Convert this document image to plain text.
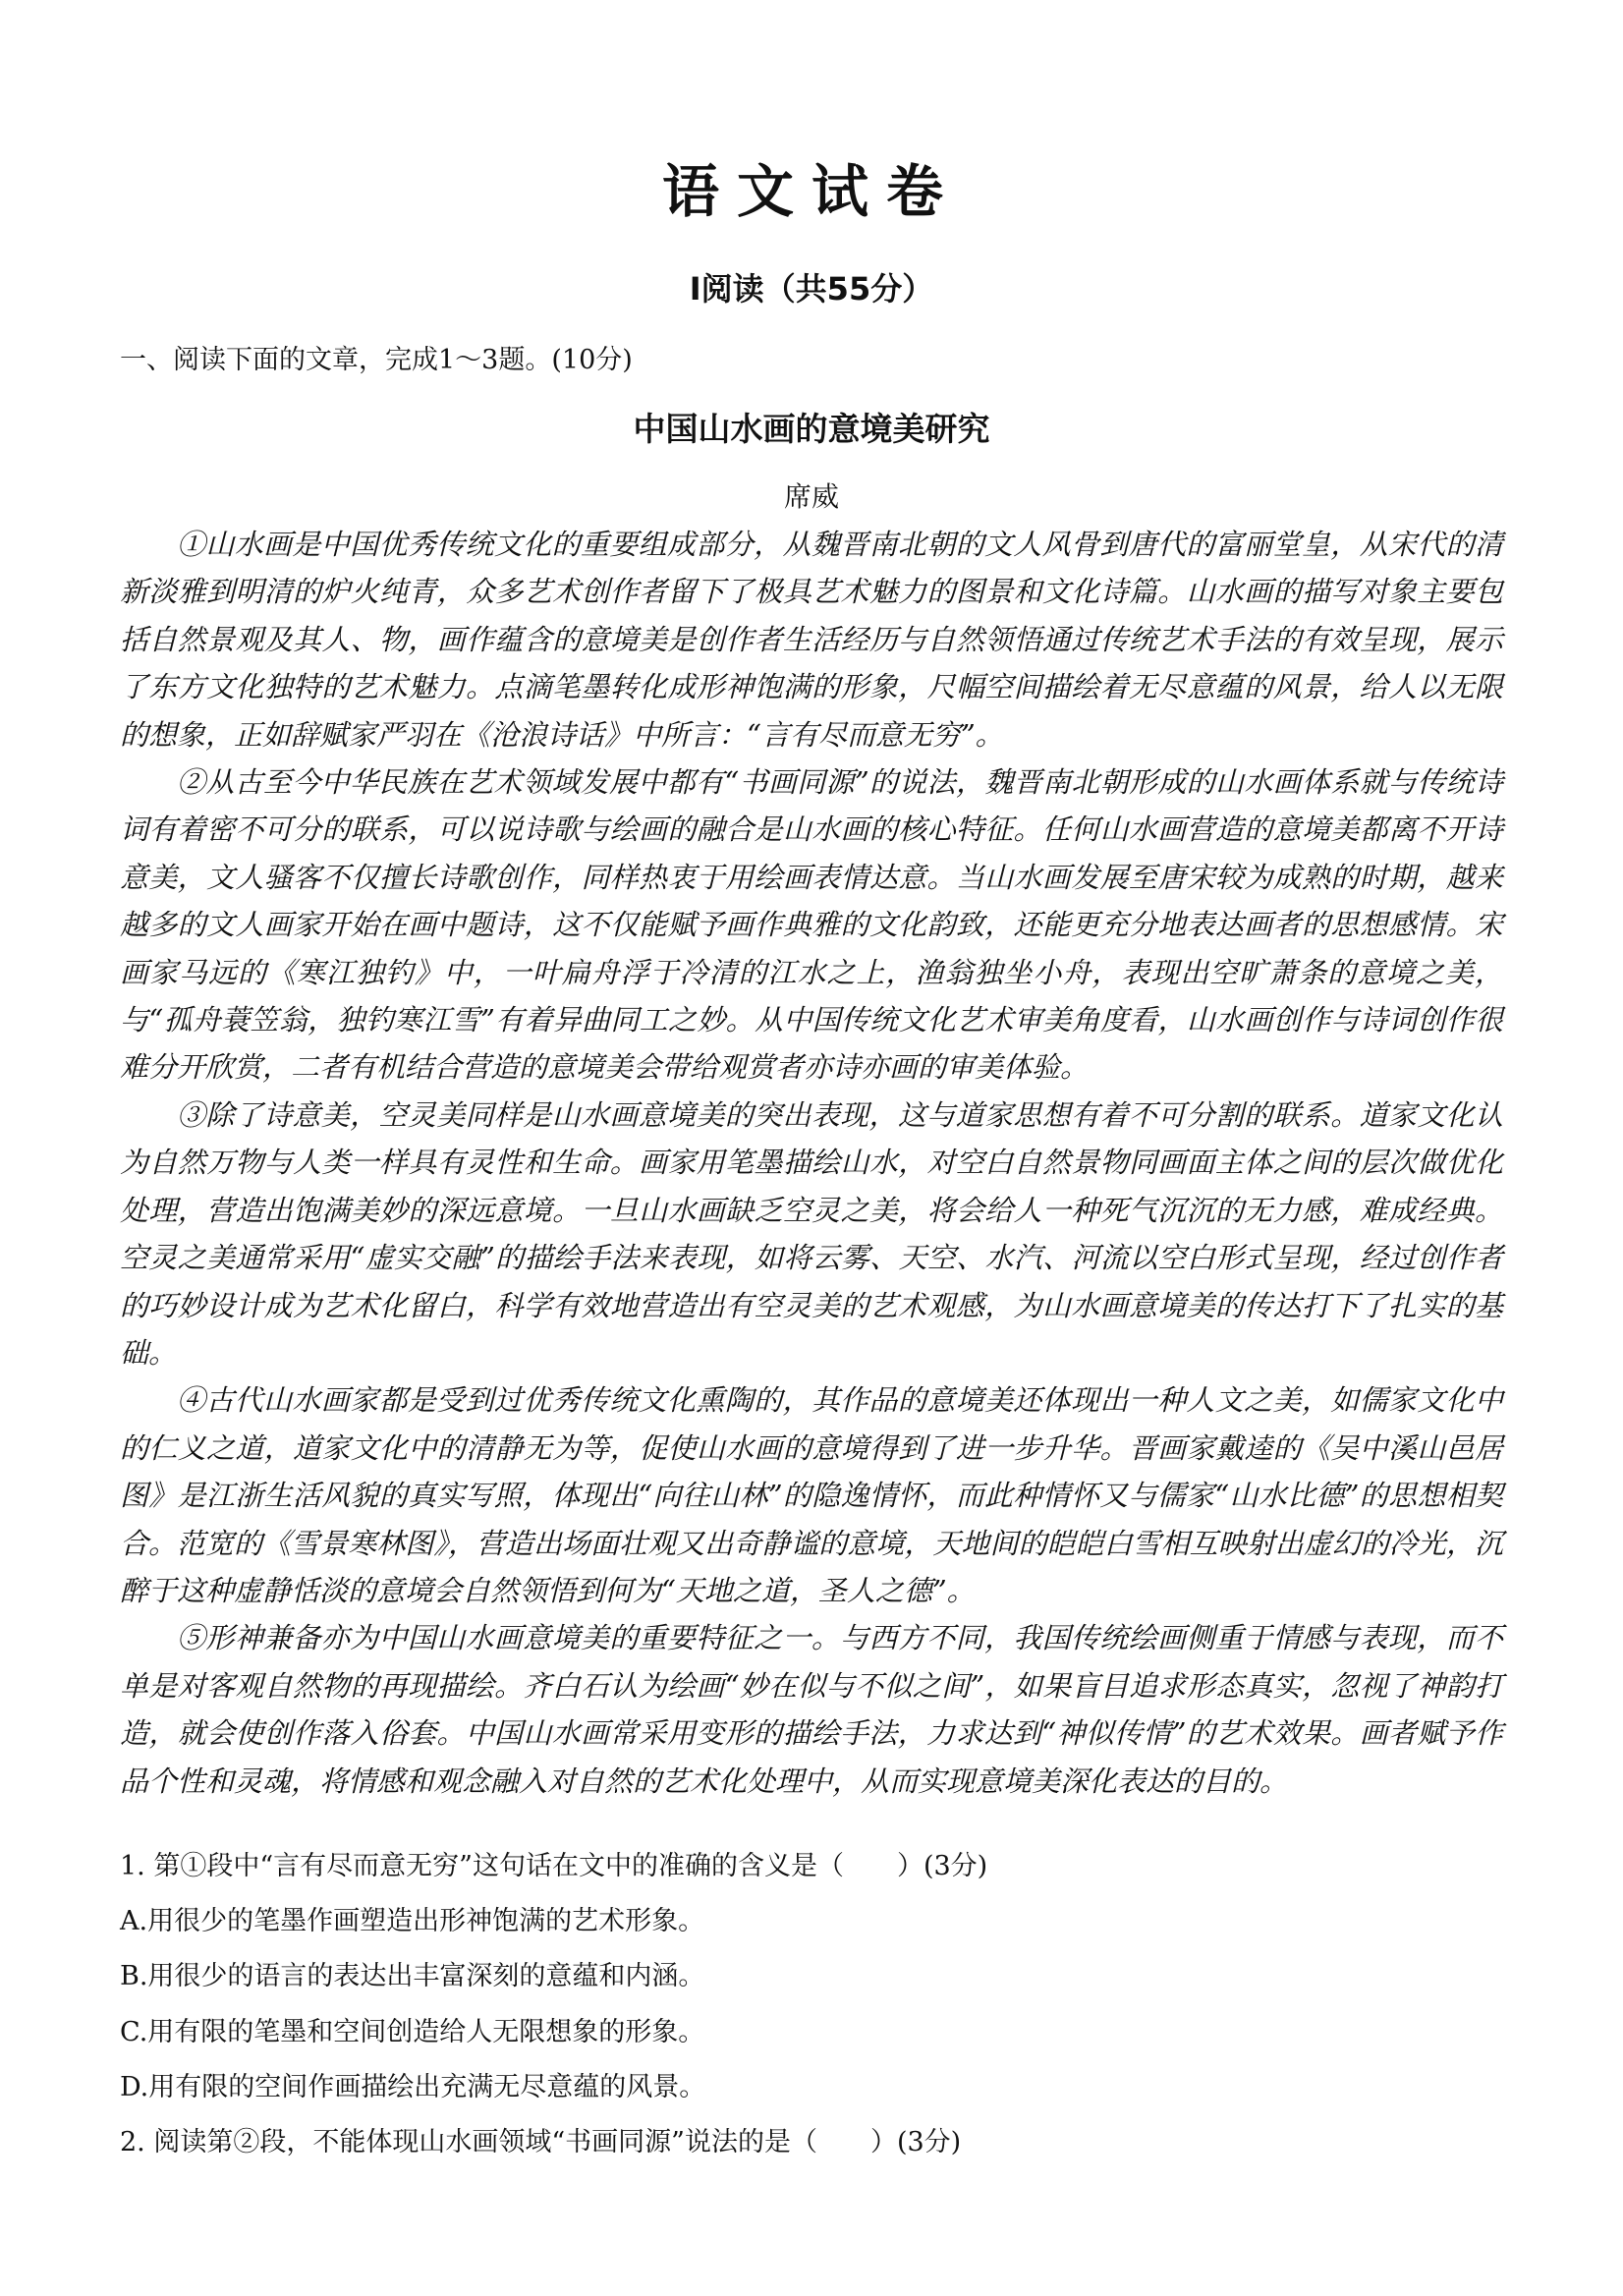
语文试卷
Ⅰ阅读（共55分）
一、阅读下面的文章，完成1～3题。(10分)
中国山水画的意境美研究
席威

①山水画是中国优秀传统文化的重要组成部分，从魏晋南北朝的文人风骨到唐代的富丽堂皇，从宋代的清新淡雅到明清的炉火纯青，众多艺术创作者留下了极具艺术魅力的图景和文化诗篇。山水画的描写对象主要包括自然景观及其人、物，画作蕴含的意境美是创作者生活经历与自然领悟通过传统艺术手法的有效呈现，展示了东方文化独特的艺术魅力。点滴笔墨转化成形神饱满的形象，尺幅空间描绘着无尽意蕴的风景，给人以无限的想象，正如辞赋家严羽在《沧浪诗话》中所言：“言有尽而意无穷”。

②从古至今中华民族在艺术领域发展中都有“书画同源”的说法，魏晋南北朝形成的山水画体系就与传统诗词有着密不可分的联系，可以说诗歌与绘画的融合是山水画的核心特征。任何山水画营造的意境美都离不开诗意美，文人骚客不仅擅长诗歌创作，同样热衷于用绘画表情达意。当山水画发展至唐宋较为成熟的时期，越来越多的文人画家开始在画中题诗，这不仅能赋予画作典雅的文化韵致，还能更充分地表达画者的思想感情。宋画家马远的《寒江独钓》中，一叶扁舟浮于冷清的江水之上，渔翁独坐小舟，表现出空旷萧条的意境之美，与“孤舟蓑笠翁，独钓寒江雪”有着异曲同工之妙。从中国传统文化艺术审美角度看，山水画创作与诗词创作很难分开欣赏，二者有机结合营造的意境美会带给观赏者亦诗亦画的审美体验。

③除了诗意美，空灵美同样是山水画意境美的突出表现，这与道家思想有着不可分割的联系。道家文化认为自然万物与人类一样具有灵性和生命。画家用笔墨描绘山水，对空白自然景物同画面主体之间的层次做优化处理，营造出饱满美妙的深远意境。一旦山水画缺乏空灵之美，将会给人一种死气沉沉的无力感，难成经典。空灵之美通常采用“虚实交融”的描绘手法来表现，如将云雾、天空、水汽、河流以空白形式呈现，经过创作者的巧妙设计成为艺术化留白，科学有效地营造出有空灵美的艺术观感，为山水画意境美的传达打下了扎实的基础。

④古代山水画家都是受到过优秀传统文化熏陶的，其作品的意境美还体现出一种人文之美，如儒家文化中的仁义之道，道家文化中的清静无为等，促使山水画的意境得到了进一步升华。晋画家戴逵的《吴中溪山邑居图》是江浙生活风貌的真实写照，体现出“向往山林”的隐逸情怀，而此种情怀又与儒家“山水比德”的思想相契合。范宽的《雪景寒林图》，营造出场面壮观又出奇静谧的意境，天地间的皑皑白雪相互映射出虚幻的冷光，沉醉于这种虚静恬淡的意境会自然领悟到何为“天地之道，圣人之德”。

⑤形神兼备亦为中国山水画意境美的重要特征之一。与西方不同，我国传统绘画侧重于情感与表现，而不单是对客观自然物的再现描绘。齐白石认为绘画“妙在似与不似之间”，如果盲目追求形态真实，忽视了神韵打造，就会使创作落入俗套。中国山水画常采用变形的描绘手法，力求达到“神似传情”的艺术效果。画者赋予作品个性和灵魂，将情感和观念融入对自然的艺术化处理中，从而实现意境美深化表达的目的。

1. 第①段中“言有尽而意无穷”这句话在文中的准确的含义是（　　）(3分)
A.用很少的笔墨作画塑造出形神饱满的艺术形象。
B.用很少的语言的表达出丰富深刻的意蕴和内涵。
C.用有限的笔墨和空间创造给人无限想象的形象。
D.用有限的空间作画描绘出充满无尽意蕴的风景。
2. 阅读第②段，不能体现山水画领域“书画同源”说法的是（　　）(3分)
